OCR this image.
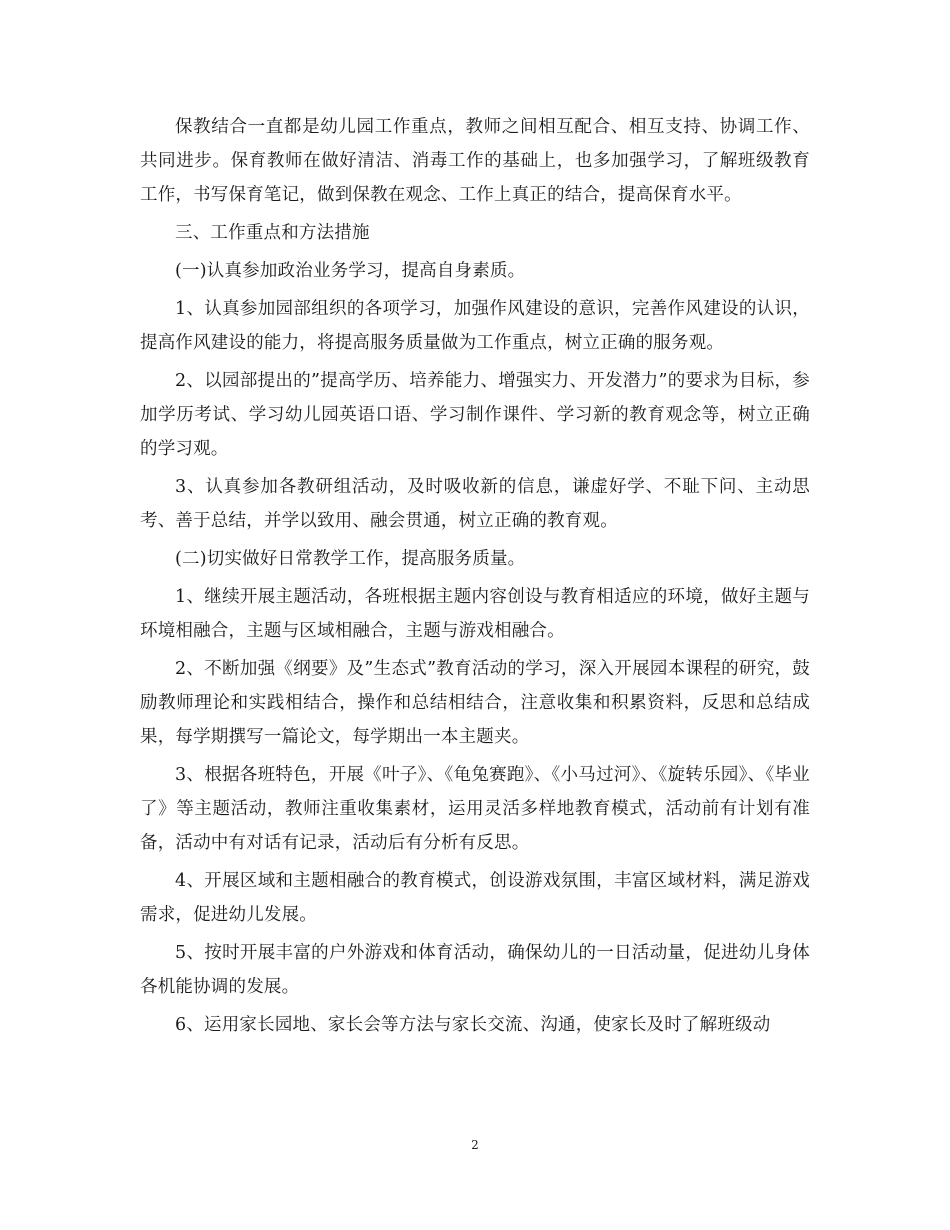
保教结合一直都是幼儿园工作重点，教师之间相互配合、相互支持、协调工作、共同进步。保育教师在做好清洁、消毒工作的基础上，也多加强学习，了解班级教育工作，书写保育笔记，做到保教在观念、工作上真正的结合，提高保育水平。

三、工作重点和方法措施

(一)认真参加政治业务学习，提高自身素质。

1、认真参加园部组织的各项学习，加强作风建设的意识，完善作风建设的认识，提高作风建设的能力，将提高服务质量做为工作重点，树立正确的服务观。

2、以园部提出的”提高学历、培养能力、增强实力、开发潜力”的要求为目标，参加学历考试、学习幼儿园英语口语、学习制作课件、学习新的教育观念等，树立正确的学习观。

3、认真参加各教研组活动，及时吸收新的信息，谦虚好学、不耻下问、主动思考、善于总结，并学以致用、融会贯通，树立正确的教育观。

(二)切实做好日常教学工作，提高服务质量。

1、继续开展主题活动，各班根据主题内容创设与教育相适应的环境，做好主题与环境相融合，主题与区域相融合，主题与游戏相融合。

2、不断加强《纲要》及”生态式”教育活动的学习，深入开展园本课程的研究，鼓励教师理论和实践相结合，操作和总结相结合，注意收集和积累资料，反思和总结成果，每学期撰写一篇论文，每学期出一本主题夹。

3、根据各班特色，开展《叶子》、《龟兔赛跑》、《小马过河》、《旋转乐园》、《毕业了》等主题活动，教师注重收集素材，运用灵活多样地教育模式，活动前有计划有准备，活动中有对话有记录，活动后有分析有反思。

4、开展区域和主题相融合的教育模式，创设游戏氛围，丰富区域材料，满足游戏需求，促进幼儿发展。

5、按时开展丰富的户外游戏和体育活动，确保幼儿的一日活动量，促进幼儿身体各机能协调的发展。

6、运用家长园地、家长会等方法与家长交流、沟通，使家长及时了解班级动

2
